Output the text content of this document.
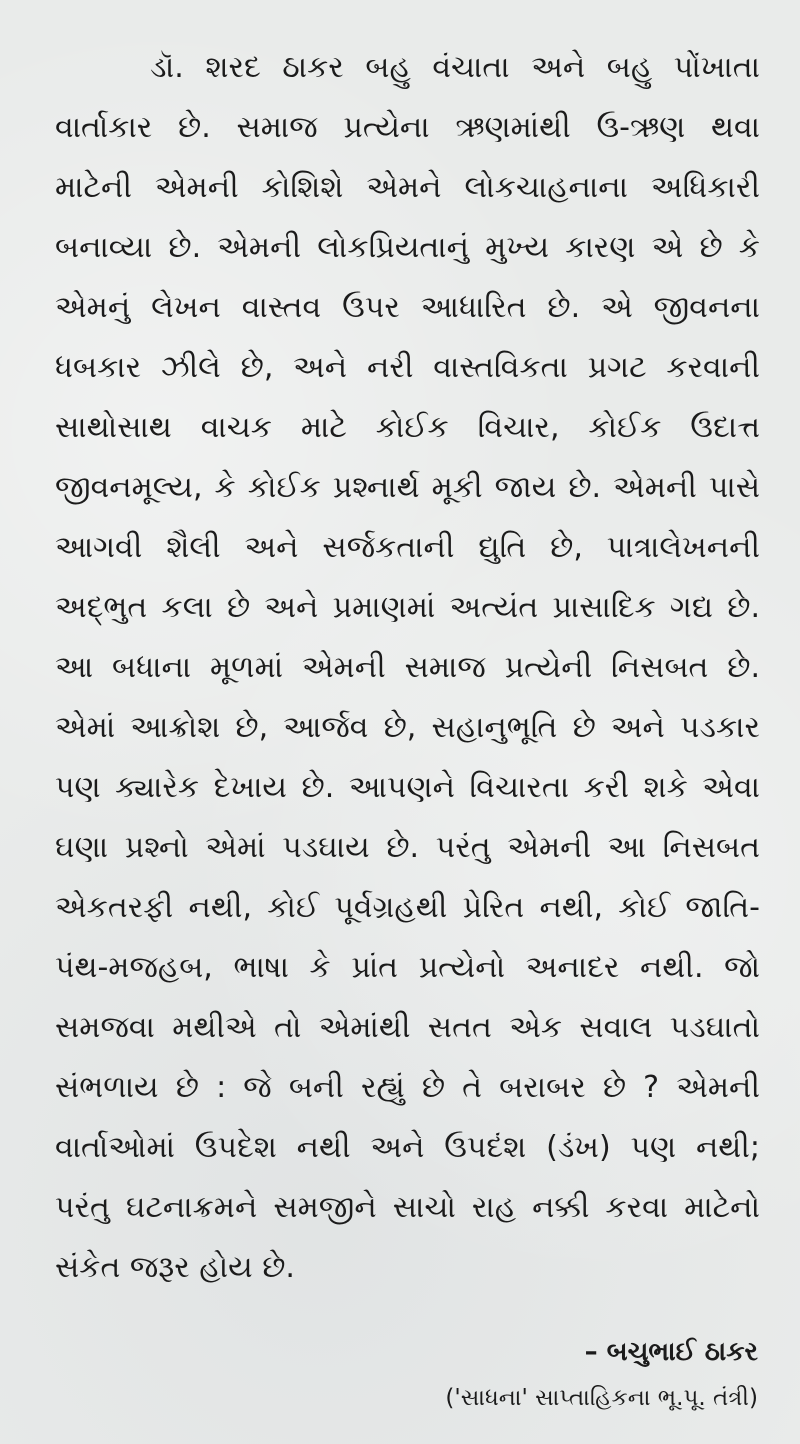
ડૉ. શરદ ઠાકર બહુ વંચાતા અને બહુ પોંખાતા
વાર્તાકાર છે. સમાજ પ્રત્યેના ઋણમાંથી ઉ-ઋણ થવા
માટેની એમની કોશિશે એમને લોકચાહનાના અધિકારી
બનાવ્યા છે. એમની લોકપ્રિયતાનું મુખ્ય કારણ એ છે કે
એમનું લેખન વાસ્તવ ઉપર આધારિત છે. એ જીવનના
ધબકાર ઝીલે છે, અને નરી વાસ્તવિકતા પ્રગટ કરવાની
સાથોસાથ વાચક માટે કોઈક વિચાર, કોઈક ઉદાત્ત
જીવનમૂલ્ય, કે કોઈક પ્રશ્નાર્થ મૂકી જાય છે. એમની પાસે
આગવી શૈલી અને સર્જકતાની દ્યુતિ છે, પાત્રાલેખનની
અદ્ભુત કલા છે અને પ્રમાણમાં અત્યંત પ્રાસાદિક ગદ્ય છે.
આ બધાના મૂળમાં એમની સમાજ પ્રત્યેની નિસબત છે.
એમાં આક્રોશ છે, આર્જવ છે, સહાનુભૂતિ છે અને પડકાર
પણ ક્યારેક દેખાય છે. આપણને વિચારતા કરી શકે એવા
ઘણા પ્રશ્નો એમાં પડઘાય છે. પરંતુ એમની આ નિસબત
એકતરફી નથી, કોઈ પૂર્વગ્રહથી પ્રેરિત નથી, કોઈ જાતિ-
પંથ-મજહબ, ભાષા કે પ્રાંત પ્રત્યેનો અનાદર નથી. જો
સમજવા મથીએ તો એમાંથી સતત એક સવાલ પડઘાતો
સંભળાય છે : જે બની રહ્યું છે તે બરાબર છે ? એમની
વાર્તાઓમાં ઉપદેશ નથી અને ઉપદંશ (ડંખ) પણ નથી;
પરંતુ ઘટનાક્રમને સમજીને સાચો રાહ નક્કી કરવા માટેનો
સંકેત જરૂર હોય છે.

– બચુભાઈ ઠાકર
('સાધના' સાપ્તાહિકના ભૂ.પૂ. તંત્રી)
